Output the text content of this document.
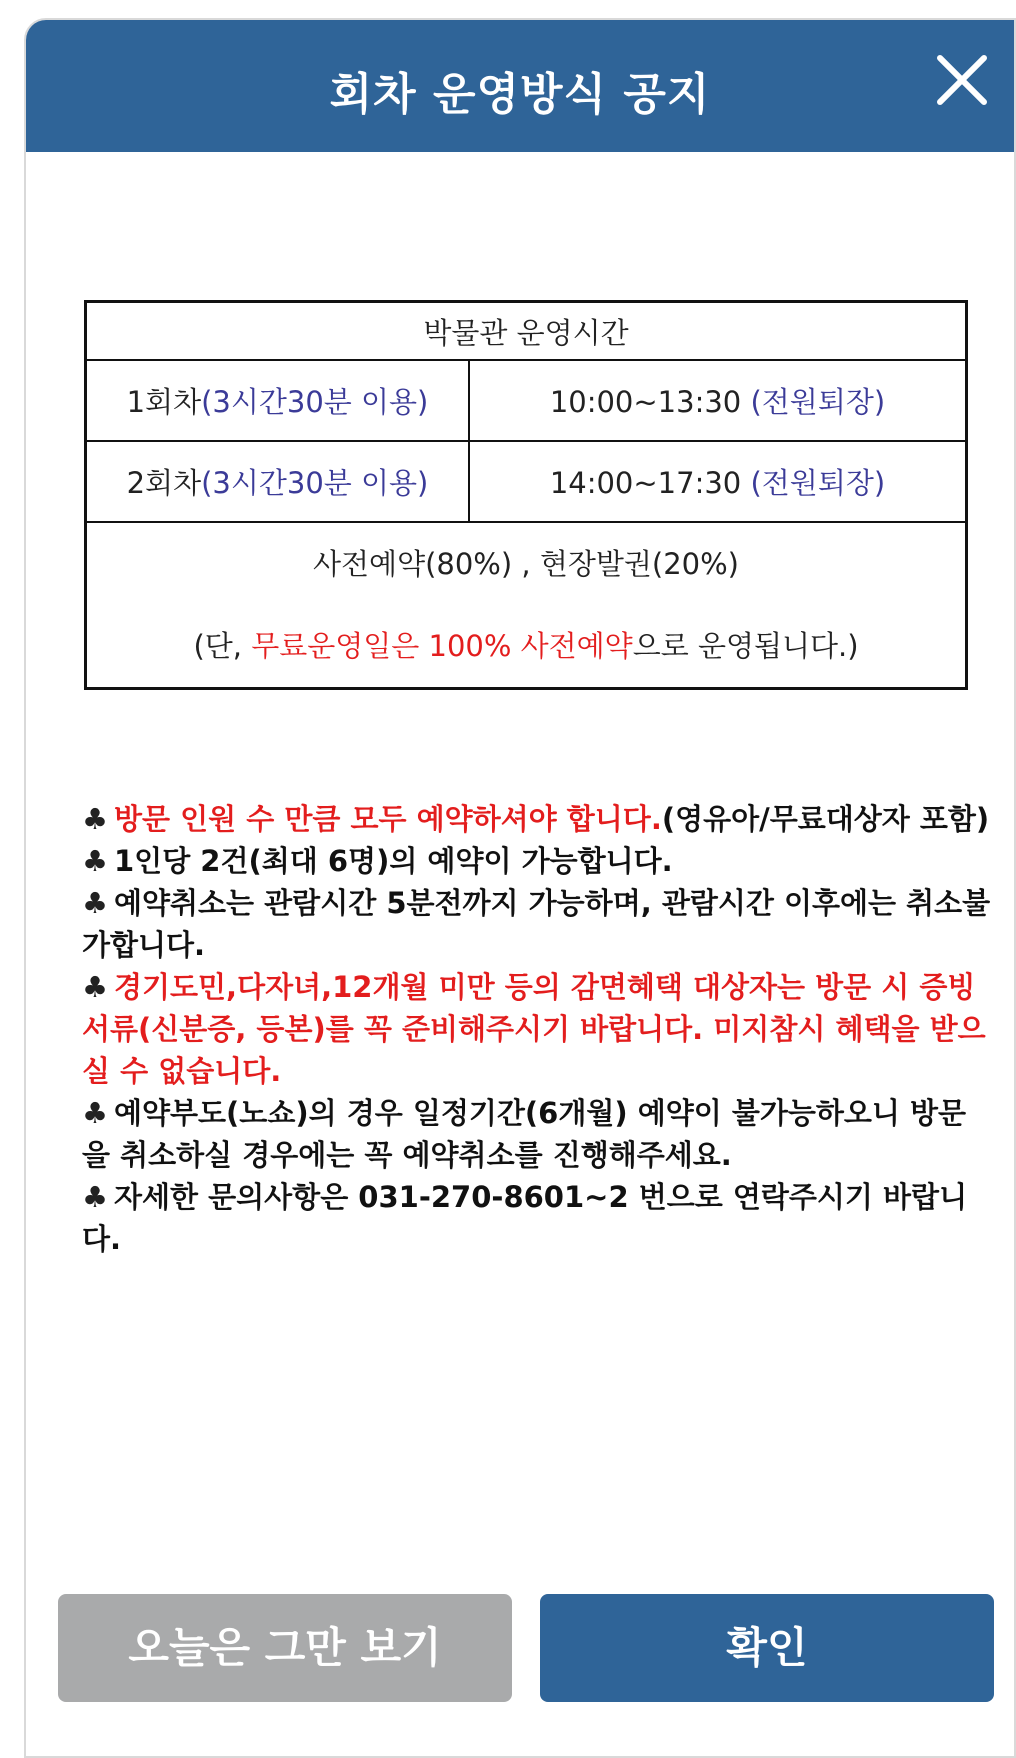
회차 운영방식 공지
박물관 운영시간	
1회차(3시간30분 이용)	10:00~13:30 (전원퇴장)
2회차(3시간30분 이용)	14:00~17:30 (전원퇴장)

사전예약(80%) , 현장발권(20%)
(단, 무료운영일은 100% 사전예약으로 운영됩니다.)	

♣ 방문 인원 수 만큼 모두 예약하셔야 합니다.(영유아/무료대상자 포함)

♣ 1인당 2건(최대 6명)의 예약이 가능합니다.

♣ 예약취소는 관람시간 5분전까지 가능하며, 관람시간 이후에는 취소불가합니다.

♣ 경기도민,다자녀,12개월 미만 등의 감면혜택 대상자는 방문 시 증빙서류(신분증, 등본)를 꼭 준비해주시기 바랍니다. 미지참시 혜택을 받으실 수 없습니다.

♣ 예약부도(노쇼)의 경우 일정기간(6개월) 예약이 불가능하오니 방문을 취소하실 경우에는 꼭 예약취소를 진행해주세요.

♣ 자세한 문의사항은 031-270-8601~2 번으로 연락주시기 바랍니다.

오늘은 그만 보기	확인
